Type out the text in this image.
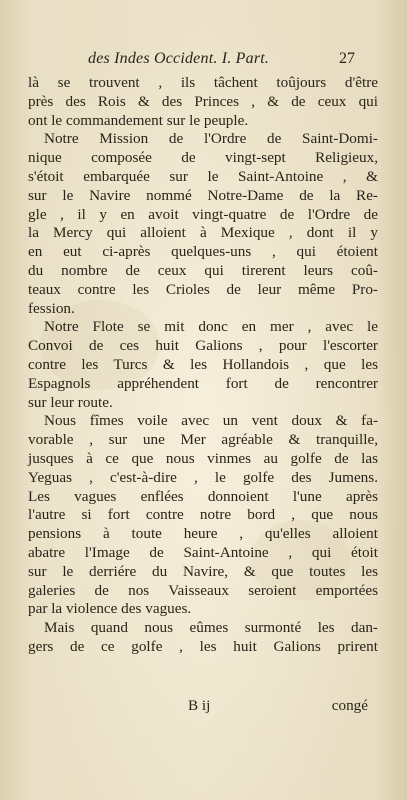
des Indes Occident. I. Part.	27
là se trouvent , ils tâchent toûjours d'être
près des Rois & des Princes , & de ceux qui
ont le commandement sur le peuple.
Notre Mission de l'Ordre de Saint-Domi-
nique composée de vingt-sept Religieux,
s'étoit embarquée sur le Saint-Antoine , &
sur le Navire nommé Notre-Dame de la Re-
gle , il y en avoit vingt-quatre de l'Ordre de
la Mercy qui alloient à Mexique , dont il y
en eut ci-après quelques-uns , qui étoient
du nombre de ceux qui tirerent leurs coû-
teaux contre les Crioles de leur même Pro-
fession.
Notre Flote se mit donc en mer , avec le
Convoi de ces huit Galions , pour l'escorter
contre les Turcs & les Hollandois , que les
Espagnols appréhendent fort de rencontrer
sur leur route.
Nous fîmes voile avec un vent doux & fa-
vorable , sur une Mer agréable & tranquille,
jusques à ce que nous vinmes au golfe de las
Yeguas , c'est-à-dire , le golfe des Jumens.
Les vagues enflées donnoient l'une après
l'autre si fort contre notre bord , que nous
pensions à toute heure , qu'elles alloient
abatre l'Image de Saint-Antoine , qui étoit
sur le derriére du Navire, & que toutes les
galeries de nos Vaisseaux seroient emportées
par la violence des vagues.
Mais quand nous eûmes surmonté les dan-
gers de ce golfe , les huit Galions prirent
B ij	congé
